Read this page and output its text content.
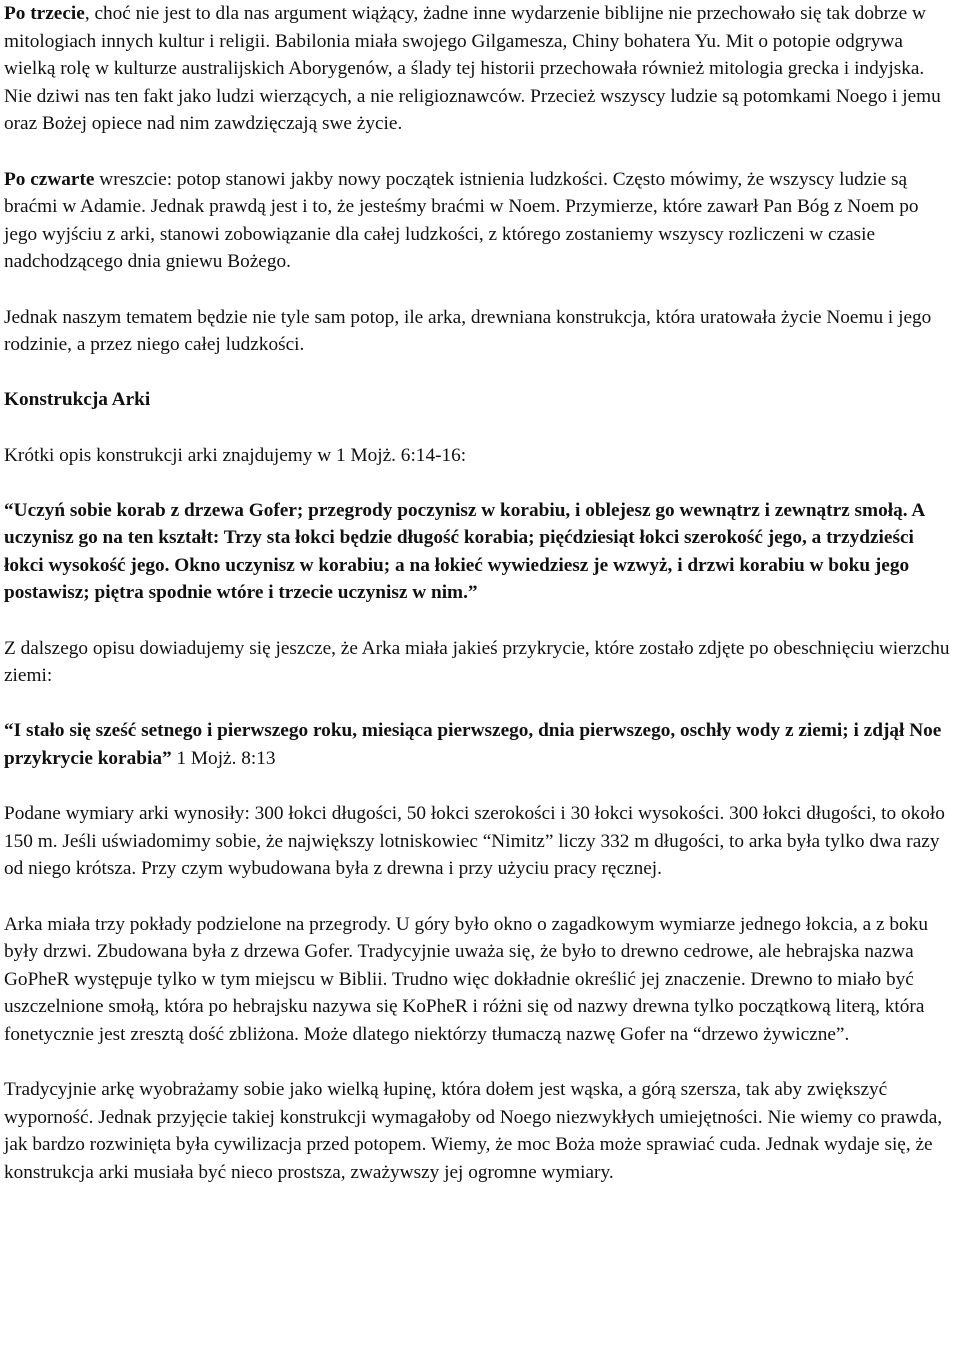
Po trzecie, choć nie jest to dla nas argument wiążący, żadne inne wydarzenie biblijne nie przechowało się tak dobrze w mitologiach innych kultur i religii. Babilonia miała swojego Gilgamesza, Chiny bohatera Yu. Mit o potopie odgrywa wielką rolę w kulturze australijskich Aborygenów, a ślady tej historii przechowała również mitologia grecka i indyjska. Nie dziwi nas ten fakt jako ludzi wierzących, a nie religioznawców. Przecież wszyscy ludzie są potomkami Noego i jemu oraz Bożej opiece nad nim zawdzięczają swe życie.

Po czwarte wreszcie: potop stanowi jakby nowy początek istnienia ludzkości. Często mówimy, że wszyscy ludzie są braćmi w Adamie. Jednak prawdą jest i to, że jesteśmy braćmi w Noem. Przymierze, które zawarł Pan Bóg z Noem po jego wyjściu z arki, stanowi zobowiązanie dla całej ludzkości, z którego zostaniemy wszyscy rozliczeni w czasie nadchodzącego dnia gniewu Bożego.

Jednak naszym tematem będzie nie tyle sam potop, ile arka, drewniana konstrukcja, która uratowała życie Noemu i jego rodzinie, a przez niego całej ludzkości.

Konstrukcja Arki

Krótki opis konstrukcji arki znajdujemy w 1 Mojż. 6:14-16:

“Uczyń sobie korab z drzewa Gofer; przegrody poczynisz w korabiu, i oblejesz go wewnątrz i zewnątrz smołą. A uczynisz go na ten kształt: Trzy sta łokci będzie długość korabia; pięćdziesiąt łokci szerokość jego, a trzydzieści łokci wysokość jego. Okno uczynisz w korabiu; a na łokieć wywiedziesz je wzwyż, i drzwi korabiu w boku jego postawisz; piętra spodnie wtóre i trzecie uczynisz w nim.”

Z dalszego opisu dowiadujemy się jeszcze, że Arka miała jakieś przykrycie, które zostało zdjęte po obeschnięciu wierzchu ziemi:

“I stało się sześć setnego i pierwszego roku, miesiąca pierwszego, dnia pierwszego, oschły wody z ziemi; i zdjął Noe przykrycie korabia” 1 Mojż. 8:13

Podane wymiary arki wynosiły: 300 łokci długości, 50 łokci szerokości i 30 łokci wysokości. 300 łokci długości, to około 150 m. Jeśli uświadomimy sobie, że największy lotniskowiec “Nimitz” liczy 332 m długości, to arka była tylko dwa razy od niego krótsza. Przy czym wybudowana była z drewna i przy użyciu pracy ręcznej.

Arka miała trzy pokłady podzielone na przegrody. U góry było okno o zagadkowym wymiarze jednego łokcia, a z boku były drzwi. Zbudowana była z drzewa Gofer. Tradycyjnie uważa się, że było to drewno cedrowe, ale hebrajska nazwa GoPheR występuje tylko w tym miejscu w Biblii. Trudno więc dokładnie określić jej znaczenie. Drewno to miało być uszczelnione smołą, która po hebrajsku nazywa się KoPheR i różni się od nazwy drewna tylko początkową literą, która fonetycznie jest zresztą dość zbliżona. Może dlatego niektórzy tłumaczą nazwę Gofer na “drzewo żywiczne”.

Tradycyjnie arkę wyobrażamy sobie jako wielką łupinę, która dołem jest wąska, a górą szersza, tak aby zwiększyć wyporność. Jednak przyjęcie takiej konstrukcji wymagałoby od Noego niezwykłych umiejętności. Nie wiemy co prawda, jak bardzo rozwinięta była cywilizacja przed potopem. Wiemy, że moc Boża może sprawiać cuda. Jednak wydaje się, że konstrukcja arki musiała być nieco prostsza, zważywszy jej ogromne wymiary.
